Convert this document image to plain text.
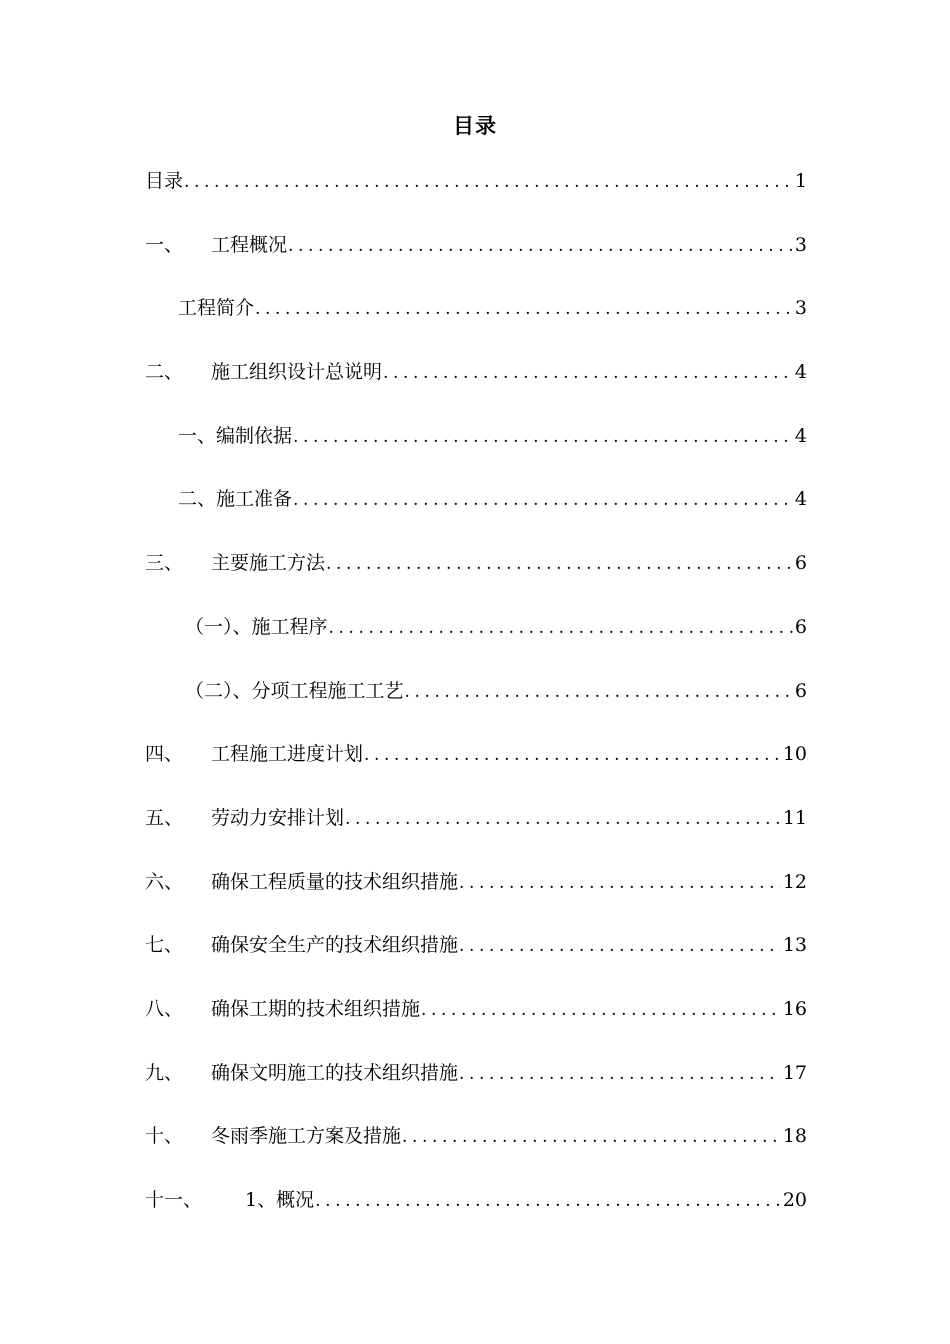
目录
目录 .....	1
一、	工程概况 .....	3
工程简介 .....	3
二、	施工组织设计总说明 .....	4
一、编制依据 .....	4
二、施工准备 .....	4
三、	主要施工方法 .....	6
（一）、施工程序 .....	6
（二）、分项工程施工工艺 .....	6
四、	工程施工进度计划 .....	10
五、	劳动力安排计划 .....	11
六、	确保工程质量的技术组织措施 .....	12
七、	确保安全生产的技术组织措施 .....	13
八、	确保工期的技术组织措施 .....	16
九、	确保文明施工的技术组织措施 .....	17
十、	冬雨季施工方案及措施 .....	18
十一、	1、概况 .....	20
